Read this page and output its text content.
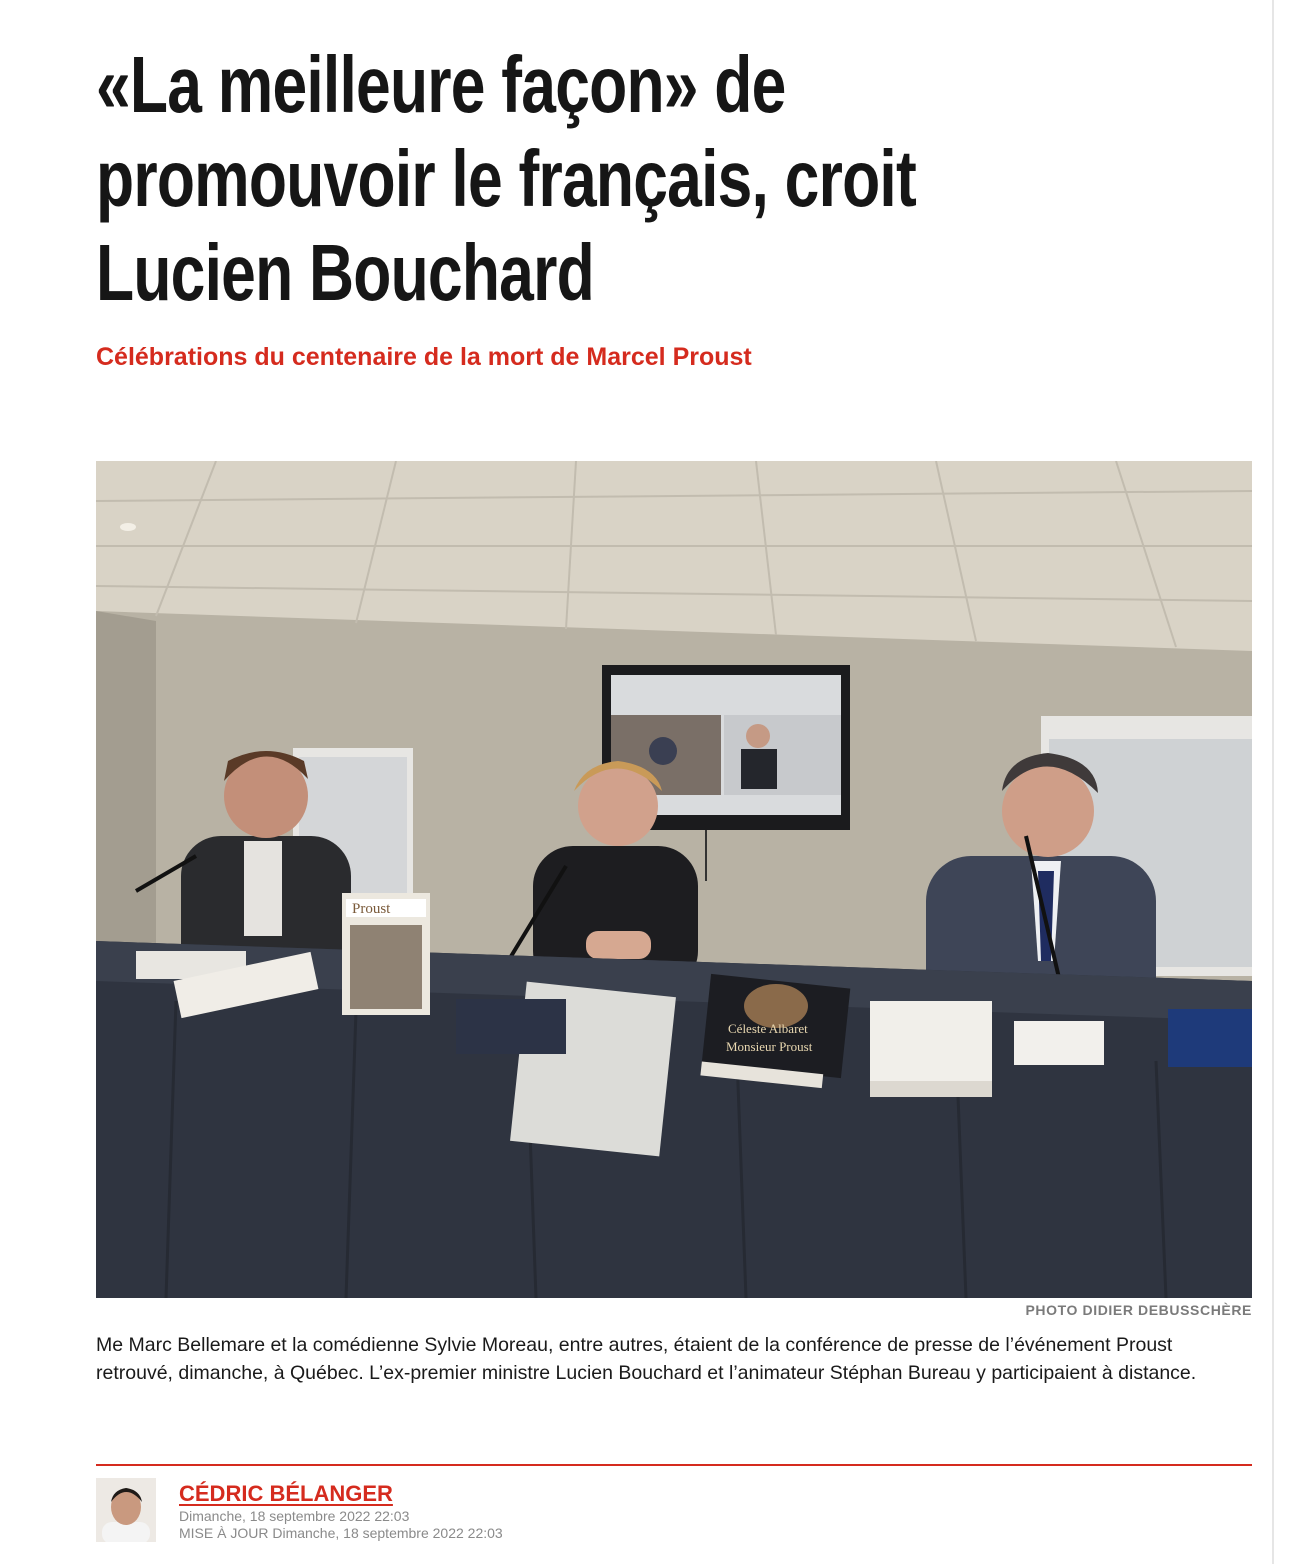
«La meilleure façon» de
promouvoir le français, croit
Lucien Bouchard
Célébrations du centenaire de la mort de Marcel Proust
Proust
Céleste Albaret
Monsieur Proust
PHOTO DIDIER DEBUSSCHÈRE

Me Marc Bellemare et la comédienne Sylvie Moreau, entre autres, étaient de la conférence de presse de l’événement Proust retrouvé, dimanche, à Québec. L’ex-premier ministre Lucien Bouchard et l’animateur Stéphan Bureau y participaient à distance.

CÉDRIC BÉLANGER
Dimanche, 18 septembre 2022 22:03
MISE À JOUR Dimanche, 18 septembre 2022 22:03
